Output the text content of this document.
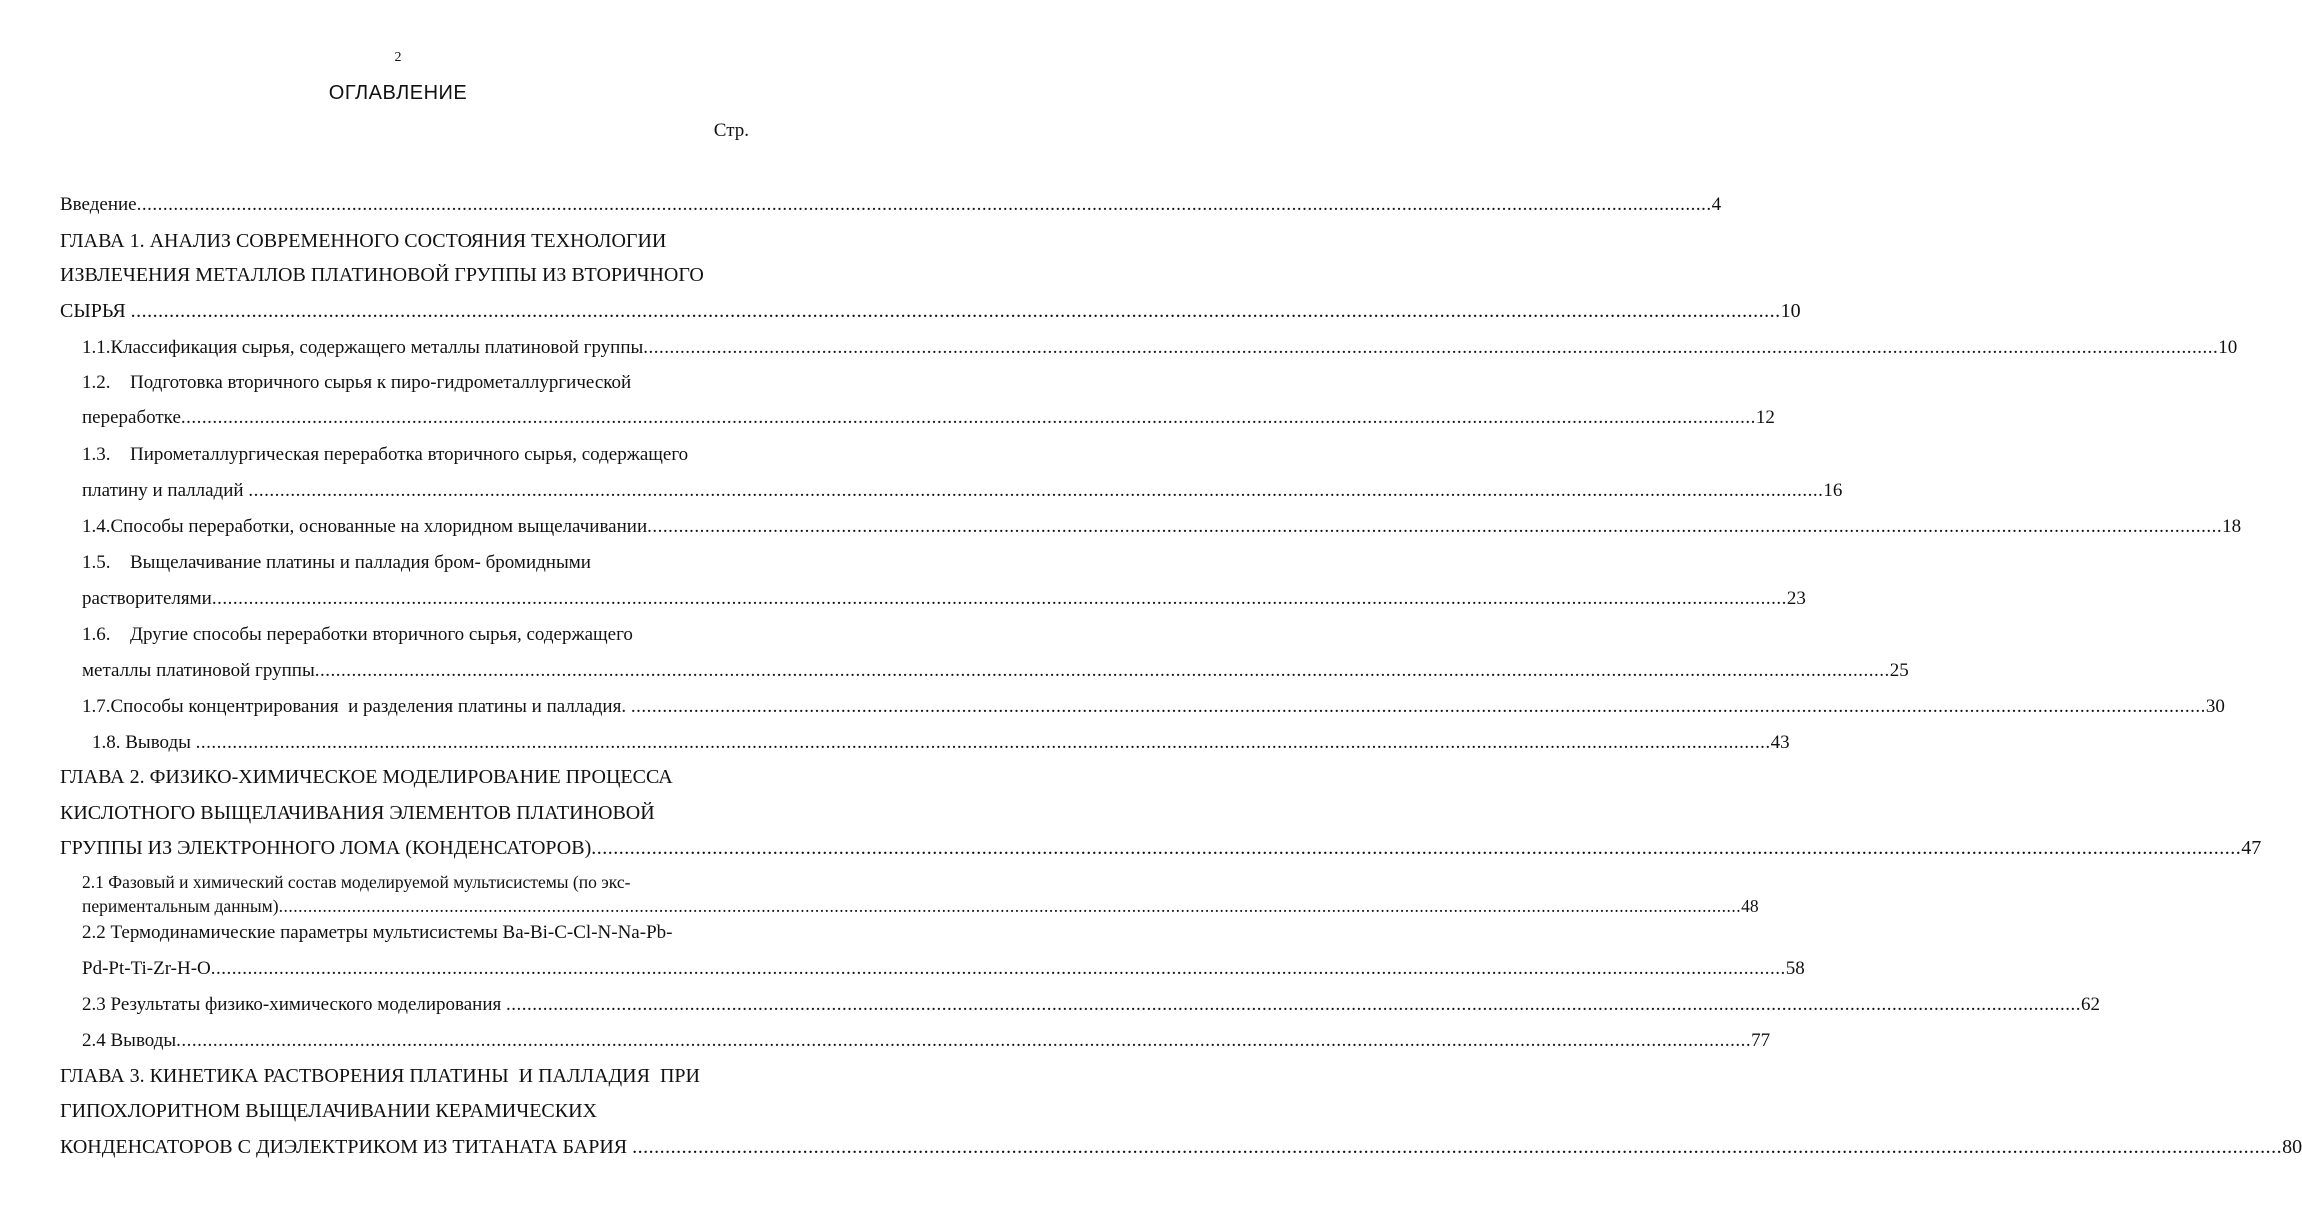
2
ОГЛАВЛЕНИЕ
Стр.
Введение ............................................................................................................................................................................................................................................................................................................ 4
ГЛАВА 1. АНАЛИЗ СОВРЕМЕННОГО СОСТОЯНИЯ ТЕХНОЛОГИИ
ИЗВЛЕЧЕНИЯ МЕТАЛЛОВ ПЛАТИНОВОЙ ГРУППЫ ИЗ ВТОРИЧНОГО
СЫРЬЯ ............................................................................................................................................................................................................................................................................................................ 10
1.1. Классификация сырья, содержащего металлы платиновой группы ............................................................................................................................................................................................................................................................................................................ 10
1.2.	Подготовка вторичного сырья к пиро-гидрометаллургической
переработке ............................................................................................................................................................................................................................................................................................................ 12
1.3.	Пирометаллургическая переработка вторичного сырья, содержащего
платину и палладий ............................................................................................................................................................................................................................................................................................................ 16
1.4. Способы переработки, основанные на хлоридном выщелачивании ............................................................................................................................................................................................................................................................................................................ 18
1.5.	Выщелачивание платины и палладия бром- бромидными
растворителями ............................................................................................................................................................................................................................................................................................................ 23
1.6.	Другие способы переработки вторичного сырья, содержащего
металлы платиновой группы ............................................................................................................................................................................................................................................................................................................ 25
1.7. Способы концентрирования  и разделения платины и палладия. ............................................................................................................................................................................................................................................................................................................ 30
1.8. Выводы ............................................................................................................................................................................................................................................................................................................ 43
ГЛАВА 2. ФИЗИКО-ХИМИЧЕСКОЕ МОДЕЛИРОВАНИЕ ПРОЦЕССА
КИСЛОТНОГО ВЫЩЕЛАЧИВАНИЯ ЭЛЕМЕНТОВ ПЛАТИНОВОЙ
ГРУППЫ ИЗ ЭЛЕКТРОННОГО ЛОМА (КОНДЕНСАТОРОВ) ............................................................................................................................................................................................................................................................................................................ 47
2.1 Фазовый и химический состав моделируемой мультисистемы (по экс-
периментальным данным) ............................................................................................................................................................................................................................................................................................................ 48
2.2 Термодинамические параметры мультисистемы Ba-Bi-C-Cl-N-Na-Pb-
Pd-Pt-Ti-Zr-H-O ............................................................................................................................................................................................................................................................................................................ 58
2.3 Результаты физико-химического моделирования ............................................................................................................................................................................................................................................................................................................ 62
2.4 Выводы ............................................................................................................................................................................................................................................................................................................ 77
ГЛАВА 3. КИНЕТИКА РАСТВОРЕНИЯ ПЛАТИНЫ  И ПАЛЛАДИЯ  ПРИ
ГИПОХЛОРИТНОМ ВЫЩЕЛАЧИВАНИИ КЕРАМИЧЕСКИХ
КОНДЕНСАТОРОВ С ДИЭЛЕКТРИКОМ ИЗ ТИТАНАТА БАРИЯ ............................................................................................................................................................................................................................................................................................................ 80
